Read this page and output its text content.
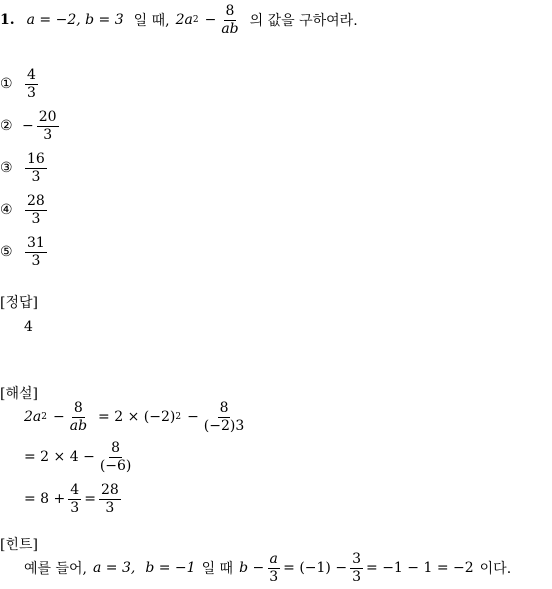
1. a = −2, b = 3 일 때, 2a $2 - \frac{8}{ab}$ 의 값을 구하여라.
① $\frac{4}{3}$
② − $\frac{20}{3}$
③ $\frac{16}{3}$
④ $\frac{28}{3}$
⑤ $\frac{31}{3}$
[정답]
4
[해설]
2a $2 - \frac{8}{ab} = 2 \times (-2) 2 - \frac{8}{(-2)3}$
= $2 \times 4 - \frac{8}{(-6)}$
= $8 + \frac{4}{3} = \frac{28}{3}$
[힌트]
예를 들어, a = 3, b = −1 일 때 $b - \frac{a}{3} = (-1) - \frac{3}{3} = -1 - 1 = -2$ 이다.
